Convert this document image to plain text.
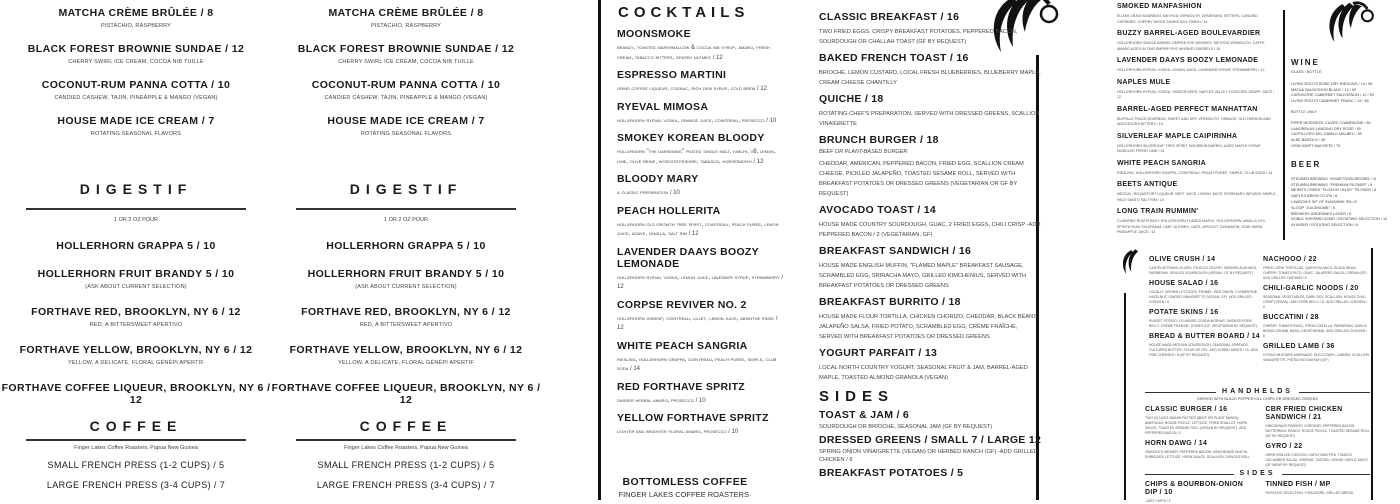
MATCHA CRÈME BRÛLÉE / 8
PISTACHIO, RASPBERRY
BLACK FOREST BROWNIE SUNDAE / 12
CHERRY SWIRL ICE CREAM, COCOA NIB TUILLE
COCONUT-RUM PANNA COTTA / 10
CANDIED CASHEW, TAJIN, PINEAPPLE & MANGO (VEGAN)
HOUSE MADE ICE CREAM / 7
ROTATING SEASONAL FLAVORS
DIGESTIF
1 OR 2 OZ POUR
HOLLERHORN GRAPPA 5 / 10
HOLLERHORN FRUIT BRANDY 5 / 10
(ASK ABOUT CURRENT SELECTION)
FORTHAVE RED, BROOKLYN, NY 6 / 12
RED, A BITTERSWEET APERTIVO
FORTHAVE YELLOW, BROOKLYN, NY 6 / 12
YELLOW, A DELICATE, FLORAL GÉNÉPI APERTIF
FORTHAVE COFFEE LIQUEUR, BROOKLYN, NY 6 / 12
COFFEE
Finger Lakes Coffee Roasters, Papua New Guinea
SMALL FRENCH PRESS (1-2 CUPS) / 5
LARGE FRENCH PRESS (3-4 CUPS) / 7
MATCHA CRÈME BRÛLÉE / 8
PISTACHIO, RASPBERRY
BLACK FOREST BROWNIE SUNDAE / 12
CHERRY SWIRL ICE CREAM, COCOA NIB TUILLE
COCONUT-RUM PANNA COTTA / 10
CANDIED CASHEW, TAJIN, PINEAPPLE & MANGO (VEGAN)
HOUSE MADE ICE CREAM / 7
ROTATING SEASONAL FLAVORS
DIGESTIF
1 OR 2 OZ POUR
HOLLERHORN GRAPPA 5 / 10
HOLLERHORN FRUIT BRANDY 5 / 10
(ASK ABOUT CURRENT SELECTION)
FORTHAVE RED, BROOKLYN, NY 6 / 12
RED, A BITTERSWEET APERTIVO
FORTHAVE YELLOW, BROOKLYN, NY 6 / 12
YELLOW, A DELICATE, FLORAL GÉNÉPI APERTIF
FORTHAVE COFFEE LIQUEUR, BROOKLYN, NY 6 / 12
COFFEE
Finger Lakes Coffee Roasters, Papua New Guinea
SMALL FRENCH PRESS (1-2 CUPS) / 5
LARGE FRENCH PRESS (3-4 CUPS) / 7
COCKTAILS
MOONSMOKE
brandy, toasted marshmallow & cocoa nib syrup, amaro, fresh cream, tabacco bitters, grated nutmeg / 12
ESPRESSO MARTINI
grind coffee liqueur, cognac, rich dem syrup, cold brew / 12
RYEVAL MIMOSA
hollerhorn ryeval vodka, orange juice, cointreau, prosecco / 10
SMOKEY KOREAN BLOODY
hollerhorn "the darkening" peated single malt, kimchi, v8, lemon, lime, olive brine, worcestershire, tabasco, horseradish / 12
BLOODY MARY
a classic preparation / 10
PEACH HOLLERITA
hollerhorn old growth tree spirit, cointreau, peach purée, lemon juice, agave, vanilla, salt rim / 12
LAVENDER DAAYS BOOZY LEMONADE
hollerhorn ryeval vodka, lemon juice, lavender syrup, strawberry / 12
CORPSE REVIVER NO. 2
hollerhorn ginship, cointreau, lillet, lemon juice, absinthe rinse / 12
WHITE PEACH SANGRIA
riesling, hollerhorn grappa, cointreau, peach purée, simple, club soda / 14
RED FORTHAVE SPRITZ
darker herbal amaro, prosecco / 10
YELLOW FORTHAVE SPRITZ
lighter and brighter floral amaro, prosecco / 10
BOTTOMLESS COFFEE
FINGER LAKES COFFEE ROASTERS·
CLASSIC BREAKFAST / 16
TWO FRIED EGGS, CRISPY BREAKFAST POTATOES, PEPPERED BACON, SOURDOUGH OR CHALLAH TOAST (GF BY REQUEST)
BAKED FRENCH TOAST / 16
BRIOCHE, LEMON CUSTARD, LOCAL FRESH BLUEBERRIES, BLUEBERRY MAPLE, CREAM CHEESE CHANTILLY
QUICHE / 18
ROTATING CHEF'S PREPARATION, SERVED WITH DRESSED GREENS, SCALLION VINAIGRETTE
BRUNCH BURGER / 18
BEEF OR PLANT-BASED BURGER
CHEDDAR, AMERICAN, PEPPERED BACON, FRIED EGG, SCALLION CREAM CHEESE, PICKLED JALAPEÑO, TOASTED SESAME ROLL, SERVED WITH BREAKFAST POTATOES OR DRESSED GREENS (VEGETARIAN OR GF BY REQUEST)
AVOCADO TOAST / 14
HOUSE MADE COUNTRY SOURDOUGH, GUAC, 2 FRIED EGGS, CHILI CRISP -ADD PEPPERED BACON / 2 (VEGETARIAN, GF)
BREAKFAST SANDWICH / 16
HOUSE MADE ENGLISH MUFFIN, "FLAMED MAPLE" BREAKFAST SAUSAGE, SCRAMBLED EGG, SRIRACHA MAYO, GRILLED KIMCHENIUS, SERVED WITH BREAKFAST POTATOES OR DRESSED GREENS
BREAKFAST BURRITO / 18
HOUSE MADE FLOUR TORTILLA, CHICKEN CHORIZO, CHEDDAR, BLACK BEANS, JALAPEÑO SALSA, FRIED POTATO, SCRAMBLED EGG, CRÈME FRAÎCHE, SERVED WITH BREAKFAST POTATOES OR DRESSED GREENS
YOGURT PARFAIT / 13
LOCAL NORTH COUNTRY YOGURT, SEASONAL FRUIT & JAM, BARREL-AGED MAPLE, TOASTED ALMOND GRANOLA (VEGAN)
SIDES
TOAST & JAM / 6
SOURDOUGH OR BRIOCHE, SEASONAL JAM (GF BY REQUEST)
DRESSED GREENS / SMALL 7 / LARGE 12
SPRING ONION VINAIGRETTE (VEGAN) OR HERBED RANCH (GF) -ADD GRILLED CHICKEN / 6
BREAKFAST POTATOES / 5
SMOKED MANFASHION
ELIJAH CRAIG BOURBON, METHOD VERMOUTH, DEMERARA, BITTERS, CANDIED CHERRIES, CHERRY WOOD SMOKE BOX FINISH / 14
BUZZY BARREL-AGED BOULEVARDIER
HOLLERHORN SINGLE BARREL EMPIRE RYE WHISKEY, METHOD VERMOUTH, CAFFE AMARO AGED IN OUR EMPIRE RYE WHISKEY BARRELS / 15
LAVENDER DAAYS BOOZY LEMONADE
HOLLERHORN RYEVAL VODKA, LEMON JUICE, LAVENDER SYRUP, STRAWBERRY / 12
NAPLES MULE
HOLLERHORN RYEVAL VODKA, GINGER BEER, NAPLES VALLEY CONCORD GRAPE JUICE / 12
BARREL-AGED PERFECT MANHATTAN
BUFFALO TRACE BOURBON, SWEET AND DRY VERMOUTH, ORANGE, OLD FASHION AND ANGOSTURA BITTERS / 15
SILVERLEAF MAPLE CAIPIRINHA
HOLLERHORN SILVERLEAF TREE SPIRIT, BOURBON BARREL-AGED MAPLE SYRUP, MUDDLED FRESH LIME / 14
WHITE PEACH SANGRIA
RIESLING, HOLLERHORN GRAPPA, COINTREAU, PEACH PURÉE, SIMPLE, CLUB SODA / 14
BEETS ANTIQUE
MEZCAL, ROQUEFORT LIQUEUR, BEET JUICE, LEMON JUICE, ROSEMARY INFUSED SIMPLE, PALO SANTO SALT RIM / 14
LONG TRAIN RUMMIN'
CLARIFIED RUM PUNCH: HOLLERHORN FLAMED MAPLE, HOLLERHORN VANILLA XXX, SPICED RUM, FALERNUM, LIME, NUTMEG, DATE, APRICOT, CINNAMON, STAR ANISE, PINEAPPLE JUICE / 14
WINE
GLASS / BOTTLE
LIVING ROOTS BONE DRY RIESLING / 14 / 58
MATUA SAUVIGNON BLANC / 12 / 50
CARNIVORE CABERNET SAUVIGNON / 12 / 50
LIVING ROOTS CABERNET FRANC / 14 / 58
BOTTLE ONLY
PIPER HEIDSIECK CUVÉE CHAMPAGNE / 80
LAMOREAUX LANDING DRY ROSÉ / 50
CASTILLERO DEL DIABLO MALBEC / 50
ALBE BAROLO / 45
ORIN SWIFT MACHETE / 75
BEER
STEUBEN BREWING "HOMETOWN BROWN" / 8
STEUBEN BREWING "PREMIUM PILSNER" / 8
MEIER'S CREEK "FLOATIN' ON BY" PILSNER / 8
NAPLES BREW CO IPA / 8
LAWSON'S SIP OF SUNSHINE IPA / 8
SLOOP "JUICEBOMB" / 6
BREWERY ARDENNES LAGER / 6
NOBLE SHEPARD SOUR / ROTATING SELECTION / 10
AYINGER / ROTATING SELECTION / 8
OLIVE CRUSH / 14
CASTELVETRANO OLIVES, PICKLED CELERY, SMOKED ALMONDS, PARMESAN, GRILLED SOURDOUGH (VEGAN / GF BY REQUEST)
HOUSE SALAD / 16
LOCALLY GROWN LETTUCES, FENNEL, RED ONION, CLEMENTINE, HAZELNUT, GINGER VINAIGRETTE (VEGAN, GF) -ADD GRILLED CHICKEN / 6
POTATE SKINS / 16
RUSSET POTATO, 1/2 AMUSE GOUDA MORNAY, SMOKED PORK BELLY, CRÈME FRAÎCHE, CHIVES (GF, VEGETARIAN BY REQUEST)
BREAD & BUTTER BOARD / 14
HOUSE MADE ARTISAN SOURDOUGH, SEASONAL SPREADS, CULTURED BUTTER, FLEUR DE SEL -ADD CURED MEATS / 10 -ADD FINE CHEESES / 8 (GF BY REQUEST)
NACHOOO / 22
FRIED CORN TORTILLAS, QUESO BLANCO, BLACK BEAN, CHERRY TOMATO PICO, GUAC, JALAPEÑO SALSA, CREMA (GF) -ADD GRILLED CHICKEN / 6
CHILI-GARLIC NOODS / 20
SEASONAL VEGETABLES, DARK SOY, SCALLION, HOUSE CHILI CRISP (VEGAN) -ADD PORK BELLY / 8 -ADD GRILLED CHICKEN / 6
BUCCATINI / 28
CHERRY TOMATO RAGÙ, STRACCIATELLA, PARMESAN, GARLIC BREAD CRUMB, BASIL (VEGETARIAN) -ADD GRILLED CHICKEN / 6
GRILLED LAMB / 36
CITRUS MUSTARD MARINADE, SUCCOTASH, LABNEH, SCALLION VINAIGRETTE, PISTACHIO DUKKAH (GF)
HANDHELDS
SERVED WITH BLACK PEPPER KILL CHIPS OR DRESSED GREENS
CLASSIC BURGER / 16
TWO (2) 1/4OZ SMASH PATTIES (BEEF OR PLANT BASED), AMERICAN, HOUSE PICKLE, LETTUCE, FRIED SHALLOT, HORN SAUCE, TOASTED SESAME ROLL (VEGAN BY REQUEST) -ADD PEPPERED BACON / 2
HORN DAWG / 14
ZWEIGLE'S WEINER, PEPPERED BACON, KIMCHENIUS KIMCHI, SHREDDED LETTUCE, HORN SAUCE, SCALLION, DIPAOLO ROLL
CBR FRIED CHICKEN SANDWICH / 21
KIMCHENIUS PIMENTO CHEDDAR, PEPPERED BACON, BUTTERMILK RANCH, HOUSE PICKLE, TOASTED SESAME ROLL (GF BY REQUEST)
GYRO / 22
HERB GRILLED CHICKEN, CURLY BUN PITA, TOMATO CUCUMBER SALAD, GREENS, TZATZIKI, HOUSE GARLIC MAYO (GF WRAP BY REQUEST)
SIDES
CHIPS & BOURBON-ONION DIP / 10
-JUST CHIPS / 5
TINNED FISH / MP
ROTATING SELECTION / CRACKERS, GRILLED BREAD
